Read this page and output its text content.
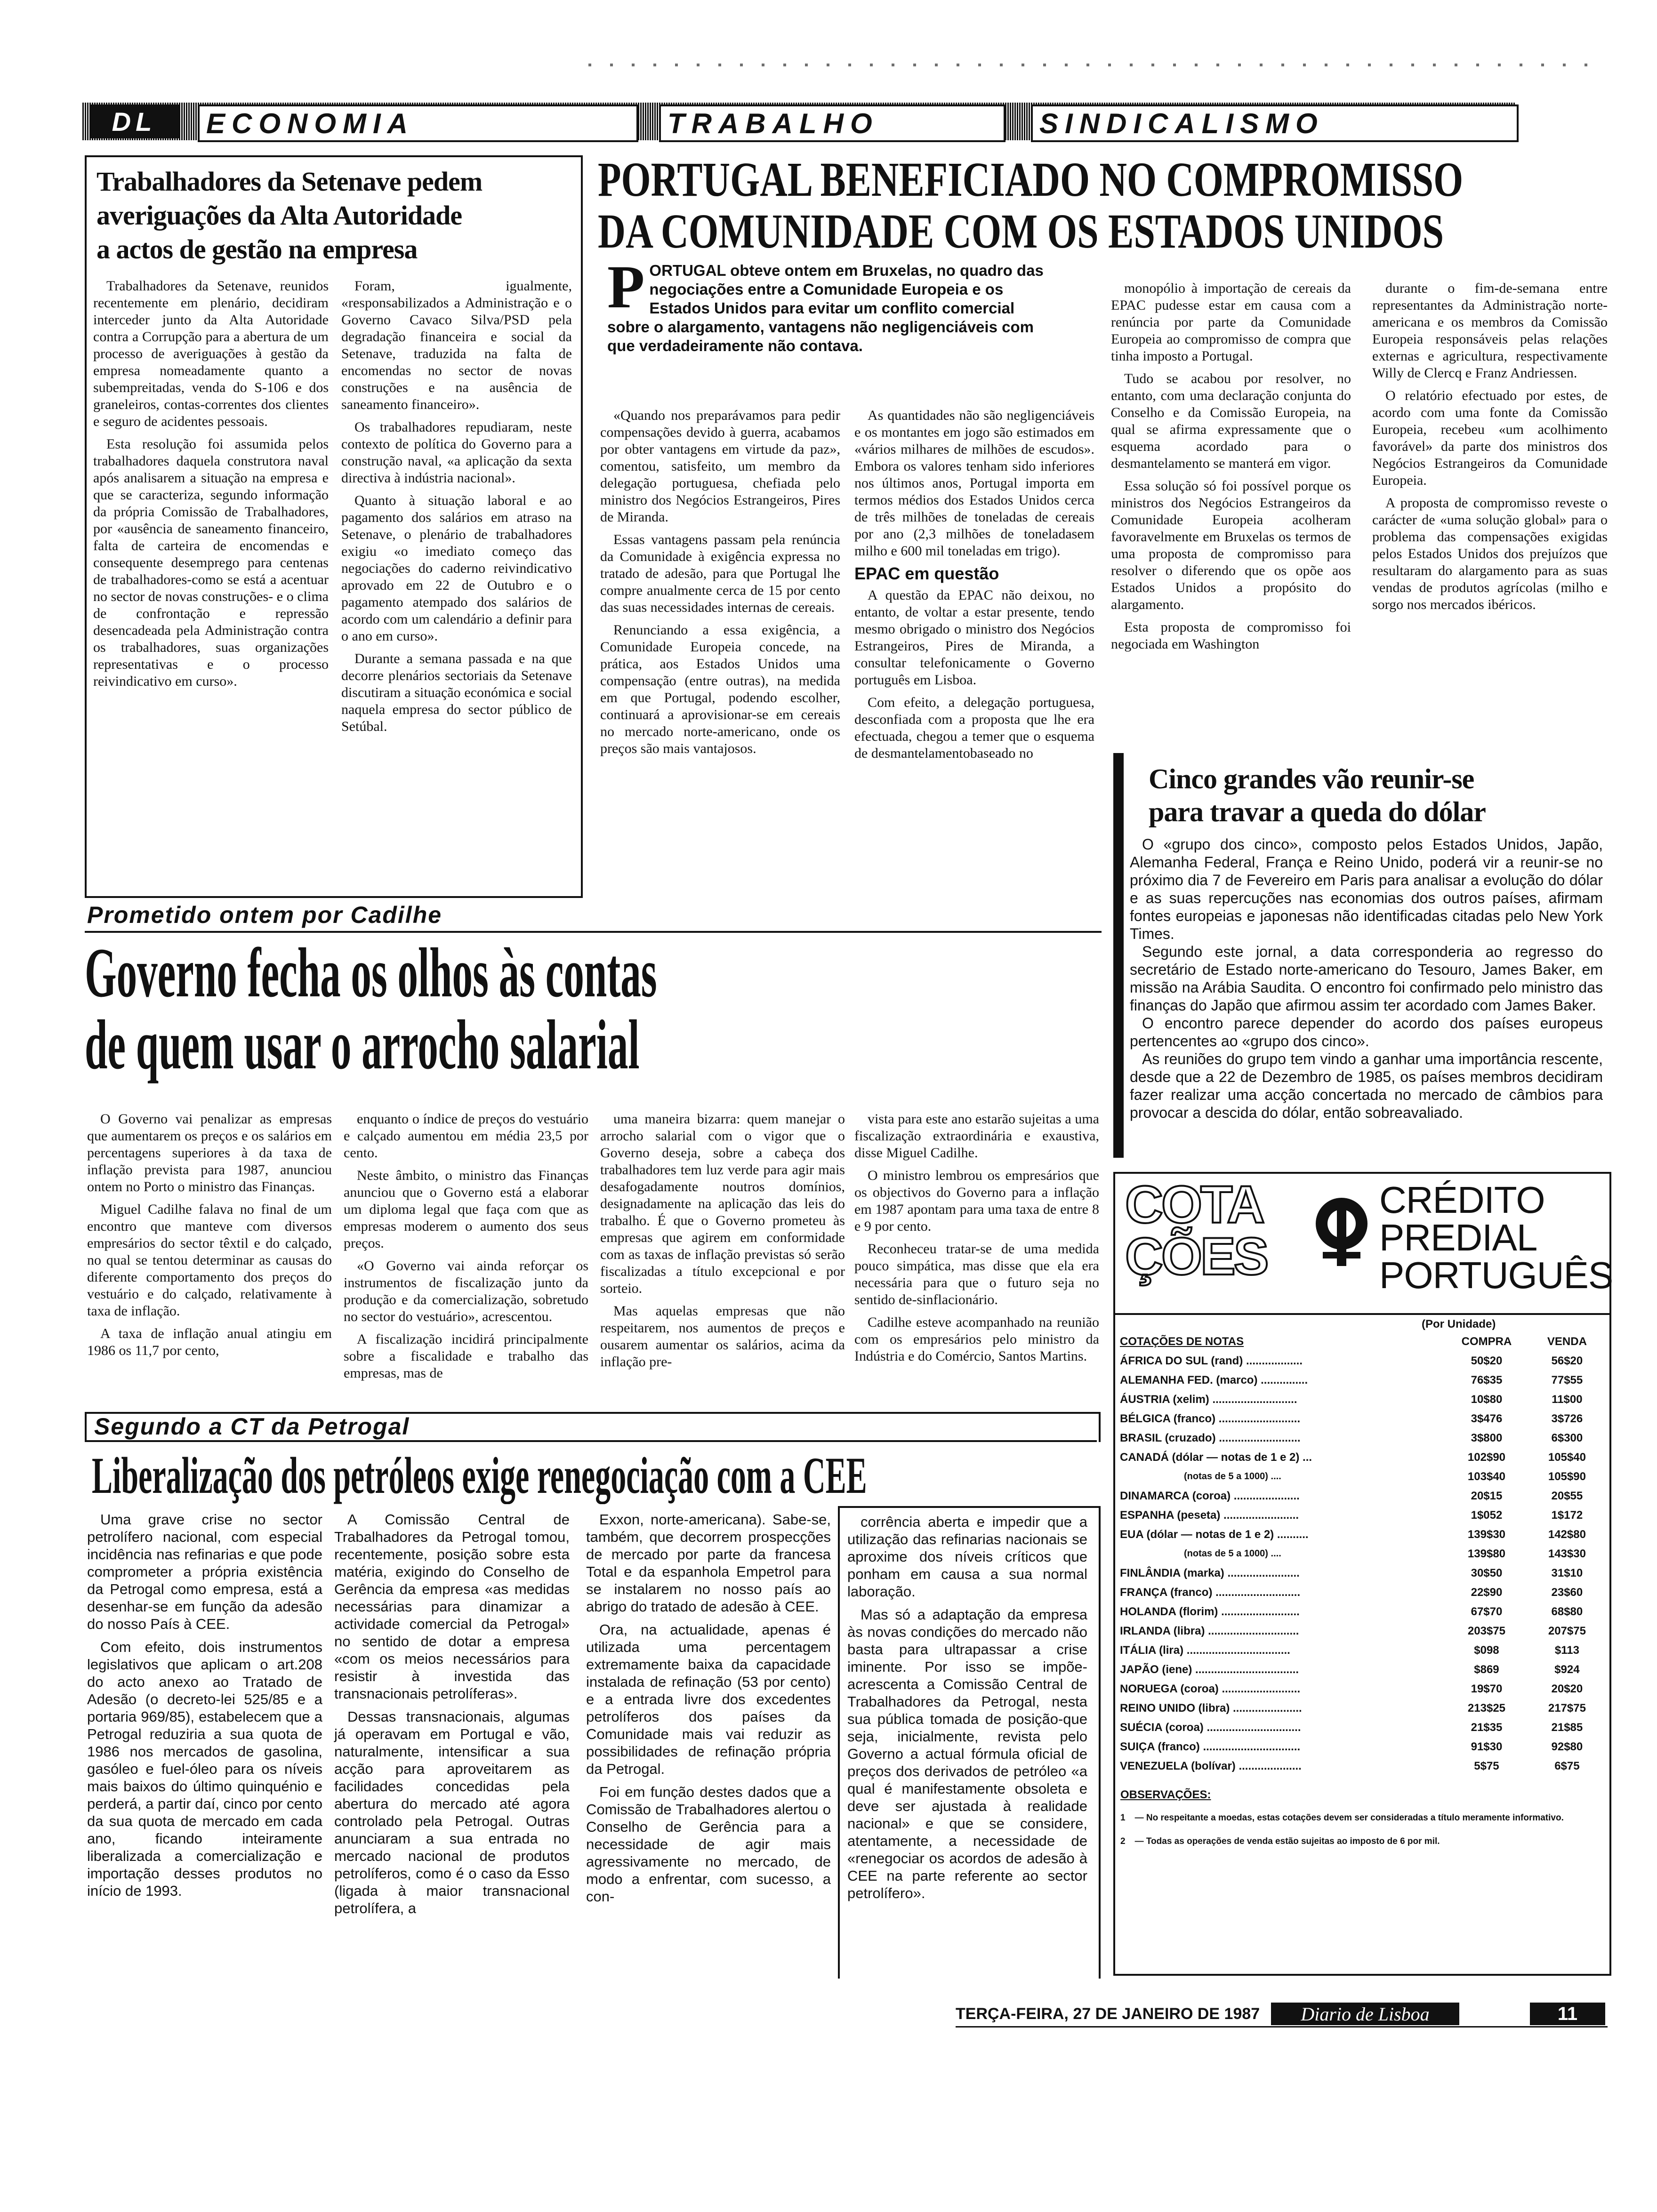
DL	ECONOMIA	TRABALHO	SINDICALISMO
Trabalhadores da Setenave pedem
averiguações da Alta Autoridade
a actos de gestão na empresa

Trabalhadores da Setenave, reunidos recentemente em plenário, decidiram interceder junto da Alta Autoridade contra a Corrupção para a abertura de um processo de averiguações à gestão da empresa nomeadamente quanto a subempreitadas, venda do S-106 e dos graneleiros, contas-correntes dos clientes e seguro de acidentes pessoais.

Esta resolução foi assumida pelos trabalhadores daquela construtora naval após analisarem a situação na empresa e que se caracteriza, segundo informação da própria Comissão de Trabalhadores, por «ausência de saneamento financeiro, falta de carteira de encomendas e consequente desemprego para centenas de trabalhadores-como se está a acentuar no sector de novas construções- e o clima de confrontação e repressão desencadeada pela Administração contra os trabalhadores, suas organizações representativas e o processo reivindicativo em curso».

Foram, igualmente, «responsabilizados a Administração e o Governo Cavaco Silva/PSD pela degradação financeira e social da Setenave, traduzida na falta de encomendas no sector de novas construções e na ausência de saneamento financeiro».

Os trabalhadores repudiaram, neste contexto de política do Governo para a construção naval, «a aplicação da sexta directiva à indústria nacional».

Quanto à situação laboral e ao pagamento dos salários em atraso na Setenave, o plenário de trabalhadores exigiu «o imediato começo das negociações do caderno reivindicativo aprovado em 22 de Outubro e o pagamento atempado dos salários de acordo com um calendário a definir para o ano em curso».

Durante a semana passada e na que decorre plenários sectoriais da Setenave discutiram a situação económica e social naquela empresa do sector público de Setúbal.

PORTUGAL BENEFICIADO NO COMPROMISSO
DA COMUNIDADE COM OS ESTADOS UNIDOS
P ORTUGAL obteve ontem em Bruxelas, no quadro das negociações entre a Comunidade Europeia e os Estados Unidos para evitar um conflito comercial sobre o alargamento, vantagens não negligenciáveis com que verdadeiramente não contava.

«Quando nos preparávamos para pedir compensações devido à guerra, acabamos por obter vantagens em virtude da paz», comentou, satisfeito, um membro da delegação portuguesa, chefiada pelo ministro dos Negócios Estrangeiros, Pires de Miranda.

Essas vantagens passam pela renúncia da Comunidade à exigência expressa no tratado de adesão, para que Portugal lhe compre anualmente cerca de 15 por cento das suas necessidades internas de cereais.

Renunciando a essa exigência, a Comunidade Europeia concede, na prática, aos Estados Unidos uma compensação (entre outras), na medida em que Portugal, podendo escolher, continuará a aprovisionar-se em cereais no mercado norte-americano, onde os preços são mais vantajosos.

As quantidades não são negligenciáveis e os montantes em jogo são estimados em «vários milhares de milhões de escudos». Embora os valores tenham sido inferiores nos últimos anos, Portugal importa em termos médios dos Estados Unidos cerca de três milhões de toneladas de cereais por ano (2,3 milhões de toneladasem milho e 600 mil toneladas em trigo).

EPAC em questão

A questão da EPAC não deixou, no entanto, de voltar a estar presente, tendo mesmo obrigado o ministro dos Negócios Estrangeiros, Pires de Miranda, a consultar telefonicamente o Governo português em Lisboa.

Com efeito, a delegação portuguesa, desconfiada com a proposta que lhe era efectuada, chegou a temer que o esquema de desmantelamentobaseado no

monopólio à importação de cereais da EPAC pudesse estar em causa com a renúncia por parte da Comunidade Europeia ao compromisso de compra que tinha imposto a Portugal.

Tudo se acabou por resolver, no entanto, com uma declaração conjunta do Conselho e da Comissão Europeia, na qual se afirma expressamente que o esquema acordado para o desmantelamento se manterá em vigor.

Essa solução só foi possível porque os ministros dos Negócios Estrangeiros da Comunidade Europeia acolheram favoravelmente em Bruxelas os termos de uma proposta de compromisso para resolver o diferendo que os opõe aos Estados Unidos a propósito do alargamento.

Esta proposta de compromisso foi negociada em Washington

durante o fim-de-semana entre representantes da Administração norte-americana e os membros da Comissão Europeia responsáveis pelas relações externas e agricultura, respectivamente Willy de Clercq e Franz Andriessen.

O relatório efectuado por estes, de acordo com uma fonte da Comissão Europeia, recebeu «um acolhimento favorável» da parte dos ministros dos Negócios Estrangeiros da Comunidade Europeia.

A proposta de compromisso reveste o carácter de «uma solução global» para o problema das compensações exigidas pelos Estados Unidos dos prejuízos que resultaram do alargamento para as suas vendas de produtos agrícolas (milho e sorgo nos mercados ibéricos.

Cinco grandes vão reunir-se
para travar a queda do dólar

O «grupo dos cinco», composto pelos Estados Unidos, Japão, Alemanha Federal, França e Reino Unido, poderá vir a reunir-se no próximo dia 7 de Fevereiro em Paris para analisar a evolução do dólar e as suas repercuções nas economias dos outros países, afirmam fontes europeias e japonesas não identificadas citadas pelo New York Times.

Segundo este jornal, a data corresponderia ao regresso do secretário de Estado norte-americano do Tesouro, James Baker, em missão na Arábia Saudita. O encontro foi confirmado pelo ministro das finanças do Japão que afirmou assim ter acordado com James Baker.

O encontro parece depender do acordo dos países europeus pertencentes ao «grupo dos cinco».

As reuniões do grupo tem vindo a ganhar uma importância rescente, desde que a 22 de Dezembro de 1985, os países membros decidiram fazer realizar uma acção concertada no mercado de câmbios para provocar a descida do dólar, então sobreavaliado.

Prometido ontem por Cadilhe
Governo fecha os olhos às contas
de quem usar o arrocho salarial

O Governo vai penalizar as empresas que aumentarem os preços e os salários em percentagens superiores à da taxa de inflação prevista para 1987, anunciou ontem no Porto o ministro das Finanças.

Miguel Cadilhe falava no final de um encontro que manteve com diversos empresários do sector têxtil e do calçado, no qual se tentou determinar as causas do diferente comportamento dos preços do vestuário e do calçado, relativamente à taxa de inflação.

A taxa de inflação anual atingiu em 1986 os 11,7 por cento,

enquanto o índice de preços do vestuário e calçado aumentou em média 23,5 por cento.

Neste âmbito, o ministro das Finanças anunciou que o Governo está a elaborar um diploma legal que faça com que as empresas moderem o aumento dos seus preços.

«O Governo vai ainda reforçar os instrumentos de fiscalização junto da produção e da comercialização, sobretudo no sector do vestuário», acrescentou.

A fiscalização incidirá principalmente sobre a fiscalidade e trabalho das empresas, mas de

uma maneira bizarra: quem manejar o arrocho salarial com o vigor que o Governo deseja, sobre a cabeça dos trabalhadores tem luz verde para agir mais desafogadamente noutros domínios, designadamente na aplicação das leis do trabalho. É que o Governo prometeu às empresas que agirem em conformidade com as taxas de inflação previstas só serão fiscalizadas a título excepcional e por sorteio.

Mas aquelas empresas que não respeitarem, nos aumentos de preços e ousarem aumentar os salários, acima da inflação pre-

vista para este ano estarão sujeitas a uma fiscalização extraordinária e exaustiva, disse Miguel Cadilhe.

O ministro lembrou os empresários que os objectivos do Governo para a inflação em 1987 apontam para uma taxa de entre 8 e 9 por cento.

Reconheceu tratar-se de uma medida pouco simpática, mas disse que ela era necessária para que o futuro seja no sentido de-sinflacionário.

Cadilhe esteve acompanhado na reunião com os empresários pelo ministro da Indústria e do Comércio, Santos Martins.

Segundo a CT da Petrogal
Liberalização dos petróleos exige renegociação com a CEE

Uma grave crise no sector petrolífero nacional, com especial incidência nas refinarias e que pode comprometer a própria existência da Petrogal como empresa, está a desenhar-se em função da adesão do nosso País à CEE.

Com efeito, dois instrumentos legislativos que aplicam o art.208 do acto anexo ao Tratado de Adesão (o decreto-lei 525/85 e a portaria 969/85), estabelecem que a Petrogal reduziria a sua quota de 1986 nos mercados de gasolina, gasóleo e fuel-óleo para os níveis mais baixos do último quinquénio e perderá, a partir daí, cinco por cento da sua quota de mercado em cada ano, ficando inteiramente liberalizada a comercialização e importação desses produtos no início de 1993.

A Comissão Central de Trabalhadores da Petrogal tomou, recentemente, posição sobre esta matéria, exigindo do Conselho de Gerência da empresa «as medidas necessárias para dinamizar a actividade comercial da Petrogal» no sentido de dotar a empresa «com os meios necessários para resistir à investida das transnacionais petrolíferas».

Dessas transnacionais, algumas já operavam em Portugal e vão, naturalmente, intensificar a sua acção para aproveitarem as facilidades concedidas pela abertura do mercado até agora controlado pela Petrogal. Outras anunciaram a sua entrada no mercado nacional de produtos petrolíferos, como é o caso da Esso (ligada à maior transnacional petrolífera, a

Exxon, norte-americana). Sabe-se, também, que decorrem prospecções de mercado por parte da francesa Total e da espanhola Empetrol para se instalarem no nosso país ao abrigo do tratado de adesão à CEE.

Ora, na actualidade, apenas é utilizada uma percentagem extremamente baixa da capacidade instalada de refinação (53 por cento) e a entrada livre dos excedentes petrolíferos dos países da Comunidade mais vai reduzir as possibilidades de refinação própria da Petrogal.

Foi em função destes dados que a Comissão de Trabalhadores alertou o Conselho de Gerência para a necessidade de agir mais agressivamente no mercado, de modo a enfrentar, com sucesso, a con-

corrência aberta e impedir que a utilização das refinarias nacionais se aproxime dos níveis críticos que ponham em causa a sua normal laboração.

Mas só a adaptação da empresa às novas condições do mercado não basta para ultrapassar a crise iminente. Por isso se impõe-acrescenta a Comissão Central de Trabalhadores da Petrogal, nesta sua pública tomada de posição-que seja, inicialmente, revista pelo Governo a actual fórmula oficial de preços dos derivados de petróleo «a qual é manifestamente obsoleta e deve ser ajustada à realidade nacional» e que se considere, atentamente, a necessidade de «renegociar os acordos de adesão à CEE na parte referente ao sector petrolífero».

COTA
ÇÕES
CRÉDITO
PREDIAL
PORTUGUÊS
(Por Unidade)
COTAÇÕES DE NOTAS	COMPRA	VENDA
ÁFRICA DO SUL (rand) ..................	50$20	56$20
ALEMANHA FED. (marco) ...............	76$35	77$55
ÁUSTRIA (xelim) ...........................	10$80	11$00
BÉLGICA (franco) ..........................	3$476	3$726
BRASIL (cruzado) ..........................	3$800	6$300
CANADÁ (dólar — notas de 1 e 2) ...	102$90	105$40
(notas de 5 a 1000) ....	103$40	105$90
DINAMARCA (coroa) .....................	20$15	20$55
ESPANHA (peseta) ........................	1$052	1$172
EUA (dólar — notas de 1 e 2) ..........	139$30	142$80
(notas de 5 a 1000) ....	139$80	143$30
FINLÂNDIA (marka) .......................	30$50	31$10
FRANÇA (franco) ...........................	22$90	23$60
HOLANDA (florim) .........................	67$70	68$80
IRLANDA (libra) .............................	203$75	207$75
ITÁLIA (lira) .................................	$098	$113
JAPÃO (iene) .................................	$869	$924
NORUEGA (coroa) .........................	19$70	20$20
REINO UNIDO (libra) ......................	213$25	217$75
SUÉCIA (coroa) ..............................	21$35	21$85
SUIÇA (franco) ...............................	91$30	92$80
VENEZUELA (bolívar) ....................	5$75	6$75
OBSERVAÇÕES:
1 — No respeitante a moedas, estas cotações devem ser consideradas a título meramente informativo.
2 — Todas as operações de venda estão sujeitas ao imposto de 6 por mil.
TERÇA-FEIRA, 27 DE JANEIRO DE 1987	Diario de Lisboa	11
